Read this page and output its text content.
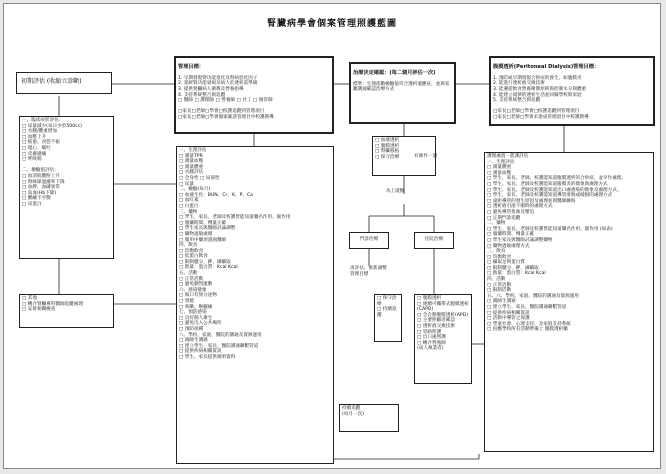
腎臟病學會個案管理照護藍圖
初期評估 (收縮立診斷)

管理目標：

1. 早期發現腎功能退化及腎病惡化因子
2. 延緩腎功能衰竭及病人於透析前準備
3. 提供腎臟病人衛教及營養指導
4. 支持系統整合與追蹤
□ 醫師 □ 護理師 □ 營養師 □ 社工 □ 個管師

□家長□老師□學會□校護追蹤到管理項目
□家長□老師□學會個案確診管理目中校護教導

治療決定確認：(每二個月評估一次)

標準：生理指數檢驗值符合透析適應症，並與家屬溝通確認治療方式

□ 血液透析
□ 腹膜透析
□ 腎臟移植
□ 保守治療	有條件一項

腹膜透析(Peritoneal Dialysis)管理目標：

1. 預防或早期發現合併症的發生，如腹膜炎
2. 能進行透析液交換技術
3. 能遵從飲食營養衛教原則與控制水分與體重
4. 能建立規律的透析生活並回歸學校與家庭
5. 支持系統整合與追蹤

□家長□老師□學會□校護追蹤到管理項目
□家長□老師□學會未達成管理項目中校護教導

一、臨床症狀評估：
□ 尿量減少(每日少於500cc)
□ 水腫/體重增加
□ 血壓上升
□ 疲倦、食慾不振
□ 噁心、嘔吐
□ 皮膚搔癢
□ 呼吸喘

二、檢驗值評估：
□ 血清肌酸酐上升
□ 腎絲球過濾率下降
□ 血鉀、血磷異常
□ 貧血(Hb下降)
□ 酸鹼不平衡
□ 尿蛋白
□ 其他
□ 轉介腎臟專科醫師追蹤處理
□ 安排相關檢查
一、生理評估
□ 測量TPR
□ 測量血壓
□ 測量體重
□ 水腫評估
□ 全身性 □ 局部性
□ 尿量
二、檢驗(每月)
□ 血液生化：BUN、Cr、K、P、Ca
□ 血紅素
□ 白蛋白
三、藥物
□ 學生、家長、老師及校護皆能知道藥名作用、副作用
□ 服藥時間、劑量正確
□ 學生家長與醫師討論調整
□ 藥物過敏處理
□ 服用中藥須諮詢醫師
四、飲食
□ 均衡飲食
□ 低蛋白飲食
□ 限制鹽分、鉀、磷攝取
□ 熱量：蛋白質：Kcal Kcal
五、活動
□ 正常活動
□ 避免劇烈運動
六、感染徵象
□ 傷口有無分泌物
□ 發燒
□ 咳嗽、喉嚨痛
七、預防感染
□ 良好個人衛生
□ 避免出入公共場所
□ 預防接種
八、學校、家庭、醫院的溝通及資源運用
□ 親師生溝通
□ 建立學生、家長、醫院溝通聯繫管道
□ 提供疾病相關資訊
□ 學生、家長提供簡明資料
為上就醫
門診治療	住院治療
再評估、重新調整管理目標
□ 保守治療
□ 持續追蹤
□ 腹膜透析
□ 連續可攜帶式腹膜透析(CAPD)
□ 全自動腹膜透析(APD)
□ 主要照顧者確認
□ 透析液交換技術
□ 管路照護
□ 出口處照護
□ 轉介營養師
(成人執業者)
護理處置－監測評估
一、生理評估
□ 測量體重
□ 測量血壓
□ 學生、家長、老師、校護能知道腹膜透析的合併症，並早作處理。
□ 學生、家長、老師及校護能知道腹膜炎的徵象與處理方式
□ 學生、家長、老師及校護能知道出口處感染的徵象及處理方式。
□ 學生、家長、老師及校護能知道導管滑脫或破損的處理方式
□ 遠距導管的發生原因及處理並與醫師聯絡
□ 透析液引流不順時的處理方式
□ 避免導管扭曲及壓迫
□ 定期門診追蹤
二、藥物
□ 學生、家長、老師及校護皆能知道藥名作用、副作用 (如表)
□ 服藥時間、劑量正確
□ 學生家長與醫師討論調整藥物
□ 藥物過敏處理方式
三、飲食
□ 均衡飲食
□ 攝取足夠蛋白質
□ 限制鹽分、鉀、磷攝取
□ 熱量：蛋白質：Kcal Kcal
四、活動
□ 正常活動
□ 限制活動
五、六、學校、家庭、醫院的溝通及資源運用
□ 親師生溝通
□ 建立學生、家長、醫院溝通聯繫管道
□ 提供疾病相關資訊
□ 活動中導管之保護
□ 學童社會、心理支持，及家庭支持系統
□ 因應學校所有活動準備上 腹膜透析藥
持續追蹤
(每月一次)
